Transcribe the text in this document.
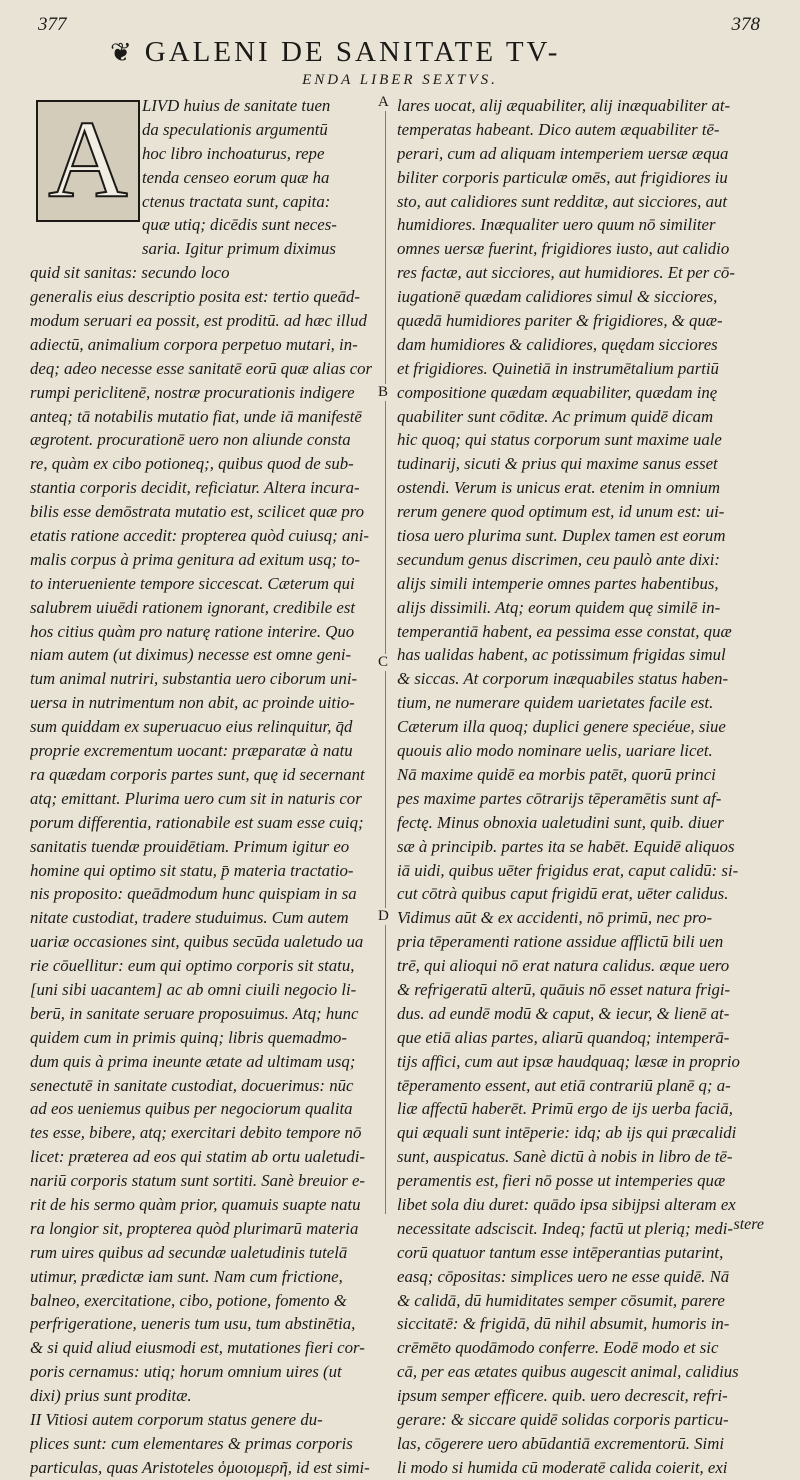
377	378
❦ GALENI DE SANITATE TV-
ENDA LIBER SEXTVS.
A LIVD huius de sanitate tuen
da speculationis argumentū
hoc libro inchoaturus, repe
tenda censeo eorum quæ ha
ctenus tractata sunt, capita:
quæ utiq; dicēdis sunt neces-
saria. Igitur primum diximus
quid sit sanitas: secundo loco
generalis eius descriptio posita est: tertio queād-
modum seruari ea possit, est proditū. ad hæc illud
adiectū, animalium corpora perpetuo mutari, in-
deq; adeo necesse esse sanitatē eorū quæ alias cor
rumpi periclitenē, nostræ procurationis indigere
anteq; tā notabilis mutatio fiat, unde iā manifestē
ægrotent. procurationē uero non aliunde consta
re, quàm ex cibo potioneq;, quibus quod de sub-
stantia corporis decidit, reficiatur. Altera incura-
bilis esse demōstrata mutatio est, scilicet quæ pro
etatis ratione accedit: propterea quòd cuiusq; ani-
malis corpus à prima genitura ad exitum usq; to-
to interueniente tempore siccescat. Cæterum qui
salubrem uiuēdi rationem ignorant, credibile est
hos citius quàm pro naturę ratione interire. Quo
niam autem (ut diximus) necesse est omne geni-
tum animal nutriri, substantia uero ciborum uni-
uersa in nutrimentum non abit, ac proinde uitio-
sum quiddam ex superuacuo eius relinquitur, q̄d
proprie excrementum uocant: præparatæ à natu
ra quædam corporis partes sunt, quę id secernant
atq; emittant. Plurima uero cum sit in naturis cor
porum differentia, rationabile est suam esse cuiq;
sanitatis tuendæ prouidētiam. Primum igitur eo
homine qui optimo sit statu, p̄ materia tractatio-
nis proposito: queādmodum hunc quispiam in sa
nitate custodiat, tradere studuimus. Cum autem
uariæ occasiones sint, quibus secūda ualetudo ua
rie cōuellitur: eum qui optimo corporis sit statu,
[uni sibi uacantem] ac ab omni ciuili negocio li-
berū, in sanitate seruare proposuimus. Atq; hunc
quidem cum in primis quinq; libris quemadmo-
dum quis à prima ineunte ætate ad ultimam usq;
senectutē in sanitate custodiat, docuerimus: nūc
ad eos ueniemus quibus per negociorum qualita
tes esse, bibere, atq; exercitari debito tempore nō
licet: præterea ad eos qui statim ab ortu ualetudi-
nariū corporis statum sunt sortiti. Sanè breuior e-
rit de his sermo quàm prior, quamuis suapte natu
ra longior sit, propterea quòd plurimarū materia
rum uires quibus ad secundæ ualetudinis tutelā
utimur, prædictæ iam sunt. Nam cum frictione,
balneo, exercitatione, cibo, potione, fomento &
perfrigeratione, ueneris tum usu, tum abstinētia,
& si quid aliud eiusmodi est, mutationes fieri cor-
poris cernamus: utiq; horum omnium uires (ut
dixi) prius sunt proditæ.
II Vitiosi autem corporum status genere du-
plices sunt: cum elementares & primas corporis
particulas, quas Aristoteles ὁμοιομερῆ, id est simi-
lares uocat, alij æquabiliter, alij inæquabiliter at-
temperatas habeant. Dico autem æquabiliter tē-
perari, cum ad aliquam intemperiem uersæ æqua
biliter corporis particulæ omēs, aut frigidiores iu
sto, aut calidiores sunt redditæ, aut sicciores, aut
humidiores. Inæqualiter uero quum nō similiter
omnes uersæ fuerint, frigidiores iusto, aut calidio
res factæ, aut sicciores, aut humidiores. Et per cō-
iugationē quædam calidiores simul & sicciores,
quædā humidiores pariter & frigidiores, & quæ-
dam humidiores & calidiores, quędam sicciores
et frigidiores. Quinetiā in instrumētalium partiū
compositione quædam æquabiliter, quædam inę
quabiliter sunt cōditæ. Ac primum quidē dicam
hic quoq; qui status corporum sunt maxime uale
tudinarij, sicuti & prius qui maxime sanus esset
ostendi. Verum is unicus erat. etenim in omnium
rerum genere quod optimum est, id unum est: ui-
tiosa uero plurima sunt. Duplex tamen est eorum
secundum genus discrimen, ceu paulò ante dixi:
alijs simili intemperie omnes partes habentibus,
alijs dissimili. Atq; eorum quidem quę similē in-
temperantiā habent, ea pessima esse constat, quæ
has ualidas habent, ac potissimum frigidas simul
& siccas. At corporum inæquabiles status haben-
tium, ne numerare quidem uarietates facile est.
Cæterum illa quoq; duplici genere speciéue, siue
quouis alio modo nominare uelis, uariare licet.
Nā maxime quidē ea morbis patēt, quorū princi
pes maxime partes cōtrarijs tēperamētis sunt af-
fectę. Minus obnoxia ualetudini sunt, quib. diuer
sæ à principib. partes ita se habēt. Equidē aliquos
iā uidi, quibus uēter frigidus erat, caput calidū: si-
cut cōtrà quibus caput frigidū erat, uēter calidus.
Vidimus aūt & ex accidenti, nō primū, nec pro-
pria tēperamenti ratione assidue afflictū bili uen
trē, qui alioqui nō erat natura calidus. æque uero
& refrigeratū alterū, quāuis nō esset natura frigi-
dus. ad eundē modū & caput, & iecur, & lienē at-
que etiā alias partes, aliarū quandoq; intemperā-
tijs affici, cum aut ipsæ haudquaq; læsæ in proprio
tēperamento essent, aut etiā contrariū planē q; a-
liæ affectū haberēt. Primū ergo de ijs uerba faciā,
qui æquali sunt intēperie: idq; ab ijs qui præcalidi
sunt, auspicatus. Sanè dictū à nobis in libro de tē-
peramentis est, fieri nō posse ut intemperies quæ
libet sola diu duret: quādo ipsa sibijpsi alteram ex
necessitate adsciscit. Indeq; factū ut plerią; medi-
corū quatuor tantum esse intēperantias putarint,
easq; cōpositas: simplices uero ne esse quidē. Nā
& calidā, dū humiditates semper cōsumit, parere
siccitatē: & frigidā, dū nihil absumit, humoris in-
crēmēto quodāmodo conferre. Eodē modo et sic
cā, per eas ætates quibus augescit animal, calidius
ipsum semper efficere. quib. uero decrescit, refri-
gerare: & siccare quidē solidas corporis particu-
las, cōgerere uero abūdantiā excrementorū. Simi
li modo si humida cū moderatē calida coierit, exi
A
B
C
D
stere
